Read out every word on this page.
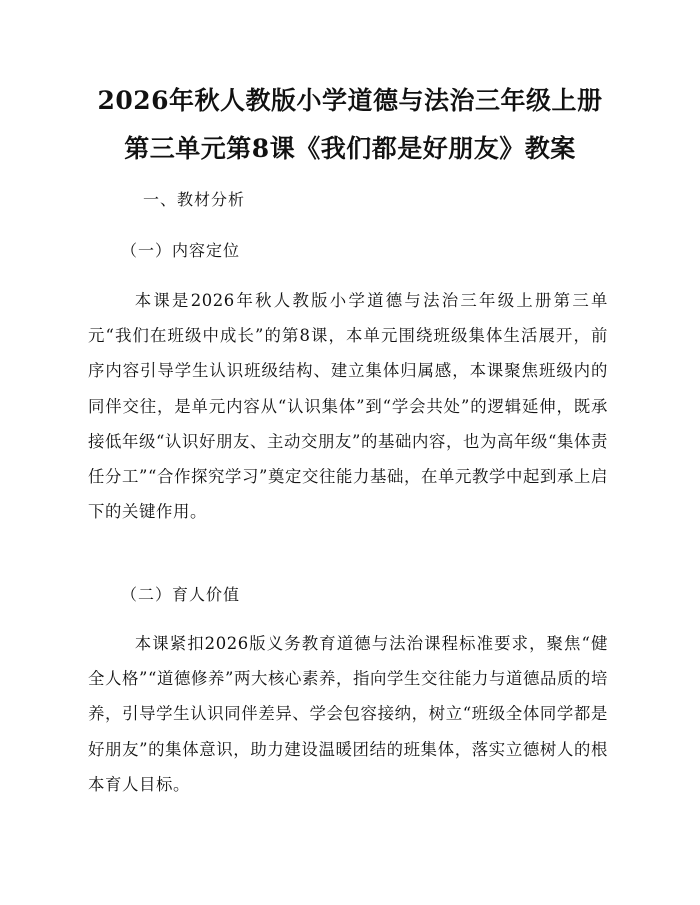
2026年秋人教版小学道德与法治三年级上册
第三单元第8课《我们都是好朋友》教案
一、教材分析
（一）内容定位
本课是2026年秋人教版小学道德与法治三年级上册第三单元“我们在班级中成长”的第8课，本单元围绕班级集体生活展开，前序内容引导学生认识班级结构、建立集体归属感，本课聚焦班级内的同伴交往，是单元内容从“认识集体”到“学会共处”的逻辑延伸，既承接低年级“认识好朋友、主动交朋友”的基础内容，也为高年级“集体责任分工”“合作探究学习”奠定交往能力基础，在单元教学中起到承上启下的关键作用。
（二）育人价值
本课紧扣2026版义务教育道德与法治课程标准要求，聚焦“健全人格”“道德修养”两大核心素养，指向学生交往能力与道德品质的培养，引导学生认识同伴差异、学会包容接纳，树立“班级全体同学都是好朋友”的集体意识，助力建设温暖团结的班集体，落实立德树人的根本育人目标。
